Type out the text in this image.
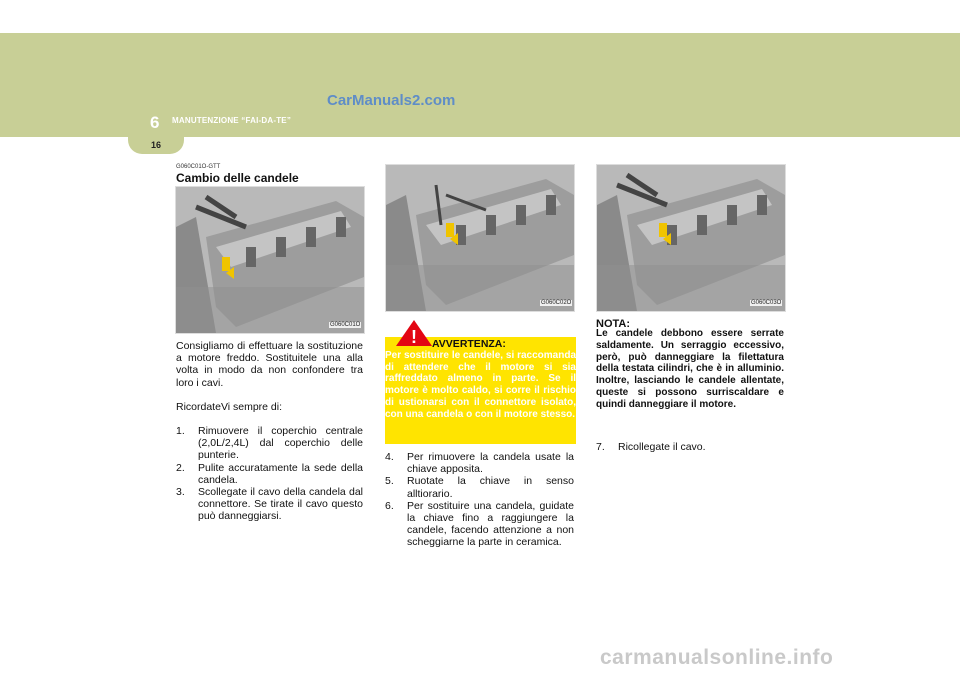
6 MANUTENZIONE “FAI-DA-TE”
16
CarManuals2.com
G060C01O-GTT
Cambio delle candele
G060C01O

Consigliamo di effettuare la sostituzione a motore freddo. Sostituitele una alla volta in modo da non confondere tra loro i cavi.

RicordateVi sempre di:

1. Rimuovere il coperchio centrale (2,0L/2,4L) dal coperchio delle punterie.
2. Pulite accuratamente la sede della candela.
3. Scollegate il cavo della candela dal connettore. Se tirate il cavo questo può danneggiarsi.
G060C02O
! AVVERTENZA:
Per sostituire le candele, si raccomanda di attendere che il motore si sia raffreddato almeno in parte. Se il motore è molto caldo, si corre il rischio di ustionarsi con il connettore isolato, con una candela o con il motore stesso.
4. Per rimuovere la candela usate la chiave apposita.
5. Ruotate la chiave in senso alltiorario.
6. Per sostituire una candela, guidate la chiave fino a raggiungere la candele, facendo attenzione a non scheggiarne la parte in ceramica.
G060C03O
NOTA:
Le candele debbono essere serrate saldamente. Un serraggio eccessivo, però, può danneggiare la filettatura della testata cilindri, che è in alluminio. Inoltre, lasciando le candele allentate, queste si possono surriscaldare e quindi danneggiare il motore.
7. Ricollegate il cavo.
carmanualsonline.info
